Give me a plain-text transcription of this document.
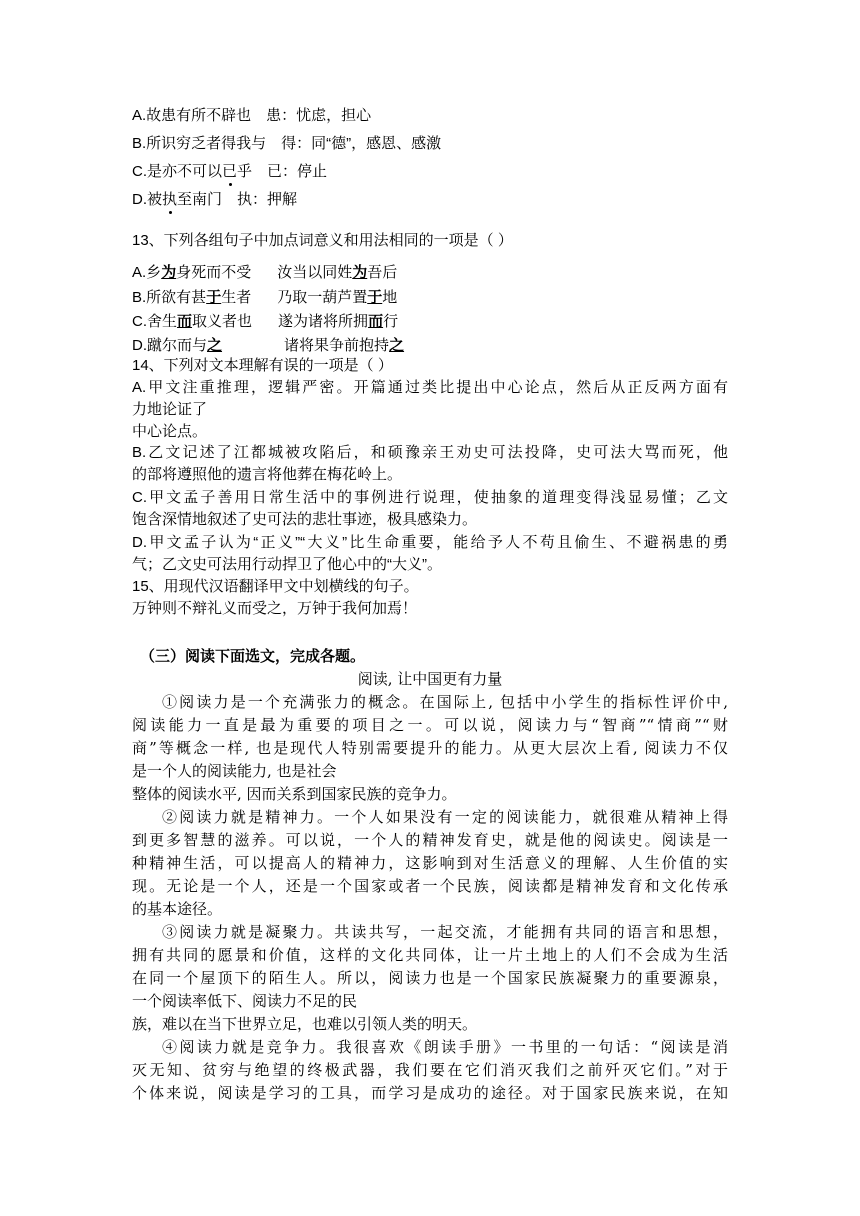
A.故患有所不辟也　患：忧虑，担心

B.所识穷乏者得我与　得：同“德”，感恩、感激

C.是亦不可以已乎　已：停止

D.被执至南门　执：押解

13、下列各组句子中加点词意义和用法相同的一项是（ ）

A.乡为身死而不受 汝当以同姓为吾后

B.所欲有甚于生者 乃取一葫芦置于地

C.舍生而取义者也 遂为诸将所拥而行

D.蹴尔而与之	诸将果争前抱持之

14、下列对文本理解有误的一项是（ ）

A.甲文注重推理，逻辑严密。开篇通过类比提出中心论点，然后从正反两方面有

力地论证了

中心论点。

B.乙文记述了江都城被攻陷后，和硕豫亲王劝史可法投降，史可法大骂而死，他

的部将遵照他的遗言将他葬在梅花岭上。

C.甲文孟子善用日常生活中的事例进行说理，使抽象的道理变得浅显易懂；乙文

饱含深情地叙述了史可法的悲壮事迹，极具感染力。

D.甲文孟子认为“正义”“大义”比生命重要，能给予人不苟且偷生、不避祸患的勇

气；乙文史可法用行动捍卫了他心中的“大义”。

15、用现代汉语翻译甲文中划横线的句子。

万钟则不辩礼义而受之，万钟于我何加焉！

（三）阅读下面选文，完成各题。

阅读, 让中国更有力量

①阅读力是一个充满张力的概念。在国际上, 包括中小学生的指标性评价中,

阅读能力一直是最为重要的项目之一。可以说，阅读力与“智商”“情商”“财

商”等概念一样, 也是现代人特别需要提升的能力。从更大层次上看, 阅读力不仅

是一个人的阅读能力, 也是社会

整体的阅读水平, 因而关系到国家民族的竞争力。

②阅读力就是精神力。一个人如果没有一定的阅读能力，就很难从精神上得

到更多智慧的滋养。可以说，一个人的精神发育史，就是他的阅读史。阅读是一

种精神生活，可以提高人的精神力，这影响到对生活意义的理解、人生价值的实

现。无论是一个人，还是一个国家或者一个民族，阅读都是精神发育和文化传承

的基本途径。

③阅读力就是凝聚力。共读共写，一起交流，才能拥有共同的语言和思想，

拥有共同的愿景和价值，这样的文化共同体，让一片土地上的人们不会成为生活

在同一个屋顶下的陌生人。所以，阅读力也是一个国家民族凝聚力的重要源泉，

一个阅读率低下、阅读力不足的民

族，难以在当下世界立足，也难以引领人类的明天。

④阅读力就是竞争力。我很喜欢《朗读手册》一书里的一句话：“阅读是消

灭无知、贫穷与绝望的终极武器，我们要在它们消灭我们之前歼灭它们。”对于

个体来说，阅读是学习的工具，而学习是成功的途径。对于国家民族来说，在知
